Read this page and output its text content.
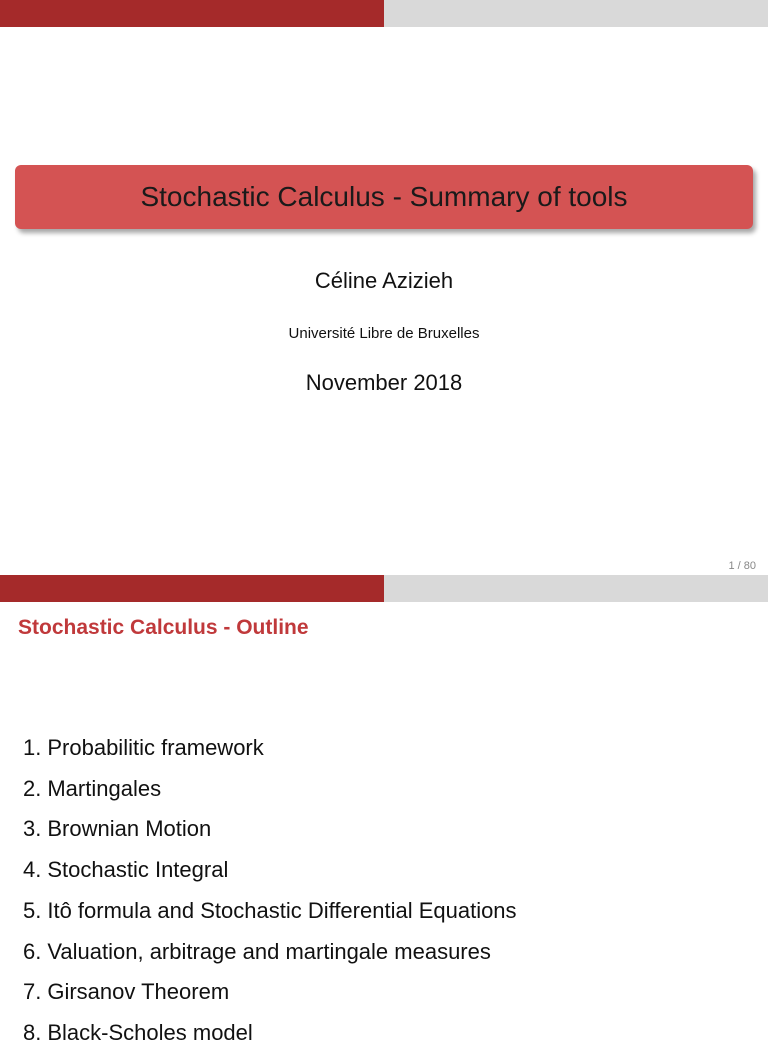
Stochastic Calculus - Summary of tools
Céline Azizieh
Université Libre de Bruxelles
November 2018
1 / 80
Stochastic Calculus - Outline
1. Probabilitic framework
2. Martingales
3. Brownian Motion
4. Stochastic Integral
5. Itô formula and Stochastic Differential Equations
6. Valuation, arbitrage and martingale measures
7. Girsanov Theorem
8. Black-Scholes model
